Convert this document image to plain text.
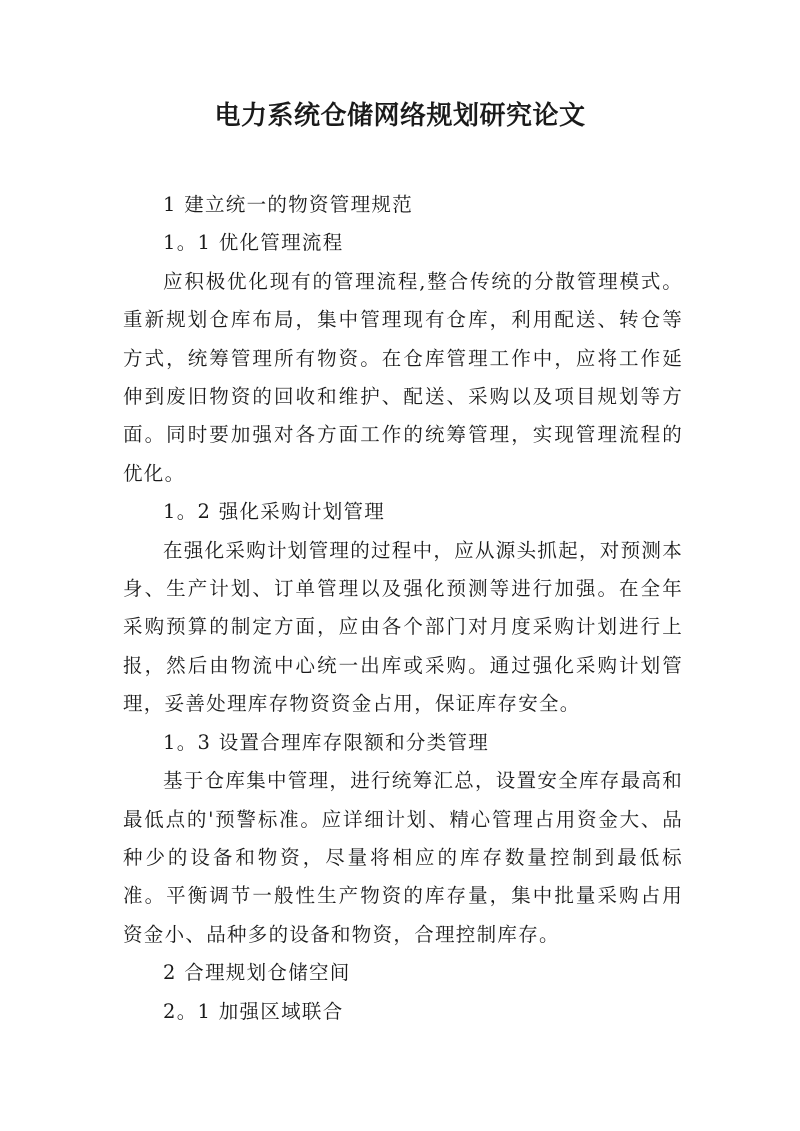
电力系统仓储网络规划研究论文

1 建立统一的物资管理规范

1。1 优化管理流程

应积极优化现有的管理流程,整合传统的分散管理模式。重新规划仓库布局，集中管理现有仓库，利用配送、转仓等方式，统筹管理所有物资。在仓库管理工作中，应将工作延伸到废旧物资的回收和维护、配送、采购以及项目规划等方面。同时要加强对各方面工作的统筹管理，实现管理流程的优化。

1。2 强化采购计划管理

在强化采购计划管理的过程中，应从源头抓起，对预测本身、生产计划、订单管理以及强化预测等进行加强。在全年采购预算的制定方面，应由各个部门对月度采购计划进行上报，然后由物流中心统一出库或采购。通过强化采购计划管理，妥善处理库存物资资金占用，保证库存安全。

1。3 设置合理库存限额和分类管理

基于仓库集中管理，进行统筹汇总，设置安全库存最高和最低点的'预警标准。应详细计划、精心管理占用资金大、品种少的设备和物资，尽量将相应的库存数量控制到最低标准。平衡调节一般性生产物资的库存量，集中批量采购占用资金小、品种多的设备和物资，合理控制库存。

2 合理规划仓储空间

2。1 加强区域联合
